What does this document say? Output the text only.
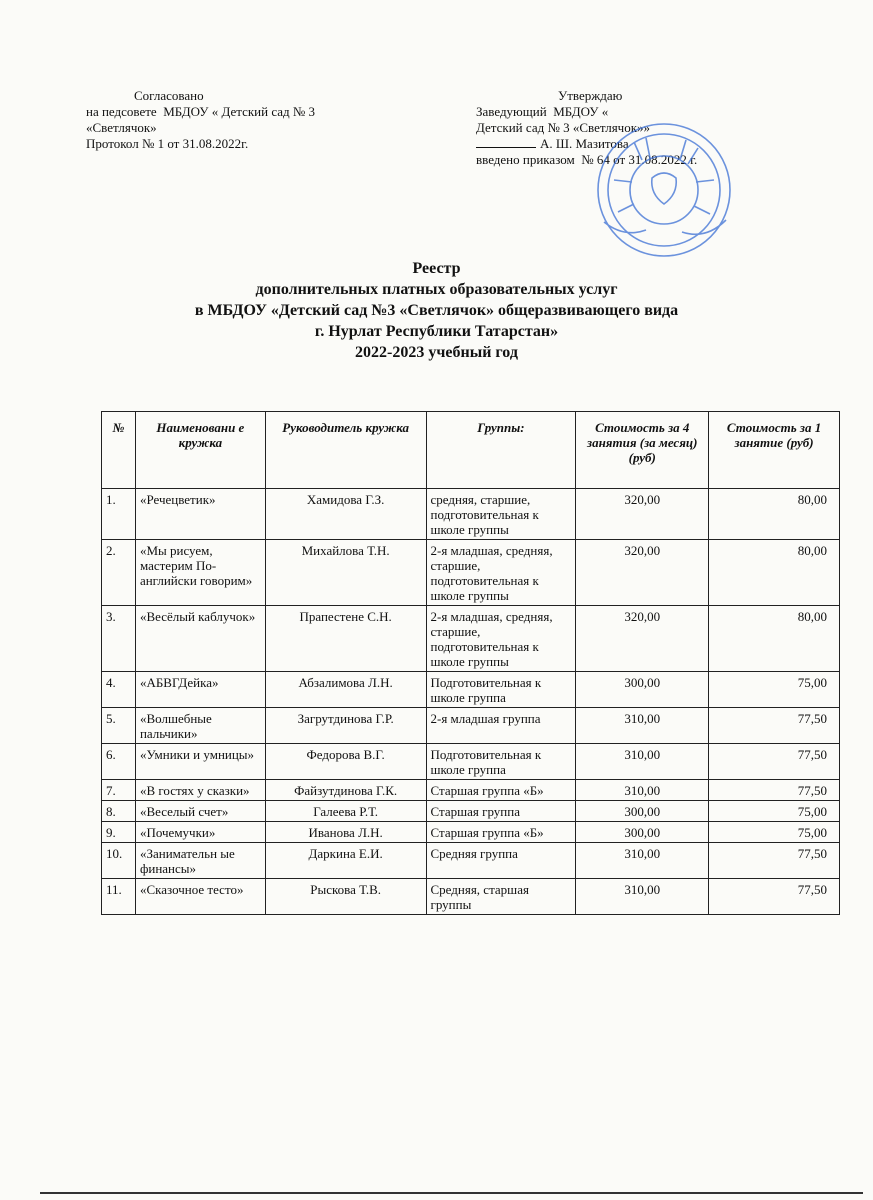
Согласовано
на педсовете  МБДОУ « Детский сад № 3
«Светлячок»
Протокол № 1 от 31.08.2022г.

Утверждаю
Заведующий  МБДОУ «
Детский сад № 3 «Светлячок»»
А. Ш. Мазитова
введено приказом  № 64 от 31.08.2022 г.

Реестр
дополнительных платных образовательных услуг
в МБДОУ «Детский сад №3 «Светлячок» общеразвивающего вида
г. Нурлат Республики Татарстан»
2022-2023 учебный год
№	Наименовани е кружка	Руководитель кружка	Группы:	Стоимость за 4 занятия (за месяц) (руб)	Стоимость за 1 занятие (руб)
1.	«Речецветик»	Хамидова Г.З.	средняя, старшие, подготовительная к школе группы	320,00	80,00
2.	«Мы рисуем, мастерим По-английски говорим»	Михайлова Т.Н.	2-я младшая, средняя, старшие, подготовительная к школе группы	320,00	80,00
3.	«Весёлый каблучок»	Прапестене С.Н.	2-я младшая, средняя, старшие, подготовительная к школе группы	320,00	80,00
4.	«АБВГДейка»	Абзалимова Л.Н.	Подготовительная к школе группа	300,00	75,00
5.	«Волшебные пальчики»	Загрутдинова Г.Р.	2-я младшая группа	310,00	77,50
6.	«Умники и умницы»	Федорова В.Г.	Подготовительная к школе группа	310,00	77,50
7.	«В гостях у сказки»	Файзутдинова Г.К.	Старшая группа «Б»	310,00	77,50
8.	«Веселый счет»	Галеева Р.Т.	Старшая группа	300,00	75,00
9.	«Почемучки»	Иванова Л.Н.	Старшая группа «Б»	300,00	75,00
10.	«Занимательн ые финансы»	Даркина Е.И.	Средняя группа	310,00	77,50
11.	«Сказочное тесто»	Рыскова Т.В.	Средняя, старшая группы	310,00	77,50
